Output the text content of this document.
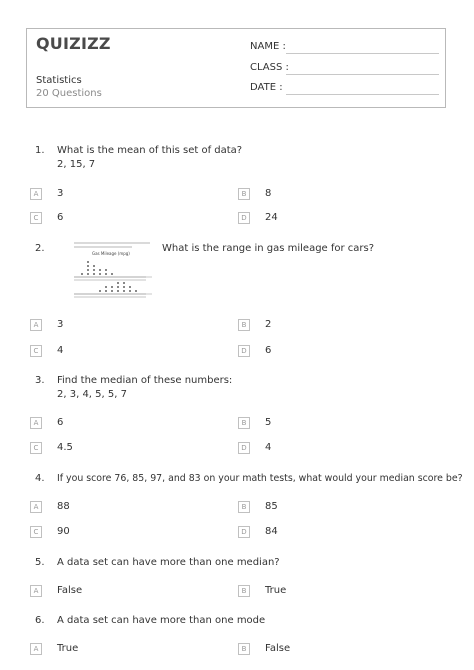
QUIZIZZ
Statistics
20 Questions
NAME :
CLASS :
DATE :
1. What is the mean of this set of data?
2, 15, 7
A	3	B	8
C	6	D	24
2.	Gas Mileage (mpg)	What is the range in gas mileage for cars?
A	3	B	2
C	4	D	6
3. Find the median of these numbers:
2, 3, 4, 5, 5, 7
A	6	B	5
C	4.5	D	4
4. If you score 76, 85, 97, and 83 on your math tests, what would your median score be?
A	88	B	85
C	90	D	84
5. A data set can have more than one median?
A	False	B	True
6. A data set can have more than one mode
A	True	B	False
